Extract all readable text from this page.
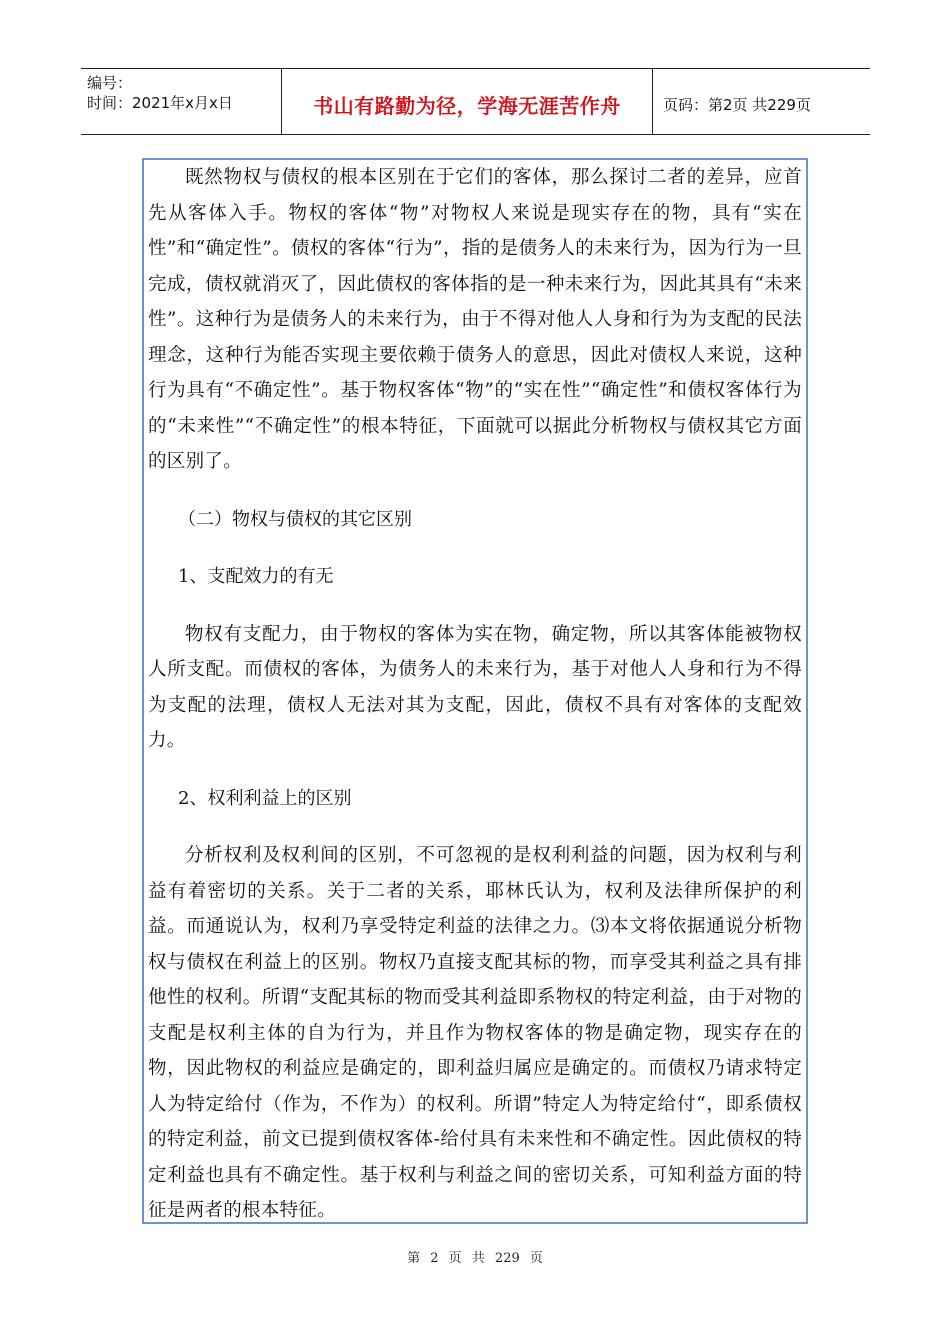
编号：
时间：2021年x月x日	书山有路勤为径，学海无涯苦作舟	页码：第2页 共229页

既然物权与债权的根本区别在于它们的客体，那么探讨二者的差异，应首先从客体入手。物权的客体“物”对物权人来说是现实存在的物，具有“实在性”和“确定性”。债权的客体“行为”，指的是债务人的未来行为，因为行为一旦完成，债权就消灭了，因此债权的客体指的是一种未来行为，因此其具有“未来性”。这种行为是债务人的未来行为，由于不得对他人人身和行为为支配的民法理念，这种行为能否实现主要依赖于债务人的意思，因此对债权人来说，这种行为具有“不确定性”。基于物权客体“物”的“实在性”“确定性”和债权客体行为的“未来性”“不确定性”的根本特征，下面就可以据此分析物权与债权其它方面的区别了。

（二）物权与债权的其它区别

1、支配效力的有无

物权有支配力，由于物权的客体为实在物，确定物，所以其客体能被物权人所支配。而债权的客体，为债务人的未来行为，基于对他人人身和行为不得为支配的法理，债权人无法对其为支配，因此，债权不具有对客体的支配效力。

2、权利利益上的区别

分析权利及权利间的区别，不可忽视的是权利利益的问题，因为权利与利益有着密切的关系。关于二者的关系，耶林氏认为，权利及法律所保护的利益。而通说认为，权利乃享受特定利益的法律之力。⑶本文将依据通说分析物权与债权在利益上的区别。物权乃直接支配其标的物，而享受其利益之具有排他性的权利。所谓“支配其标的物而受其利益即系物权的特定利益，由于对物的支配是权利主体的自为行为，并且作为物权客体的物是确定物，现实存在的物，因此物权的利益应是确定的，即利益归属应是确定的。而债权乃请求特定人为特定给付（作为，不作为）的权利。所谓”特定人为特定给付“，即系债权的特定利益，前文已提到债权客体-给付具有未来性和不确定性。因此债权的特定利益也具有不确定性。基于权利与利益之间的密切关系，可知利益方面的特征是两者的根本特征。

第 2 页 共 229 页
